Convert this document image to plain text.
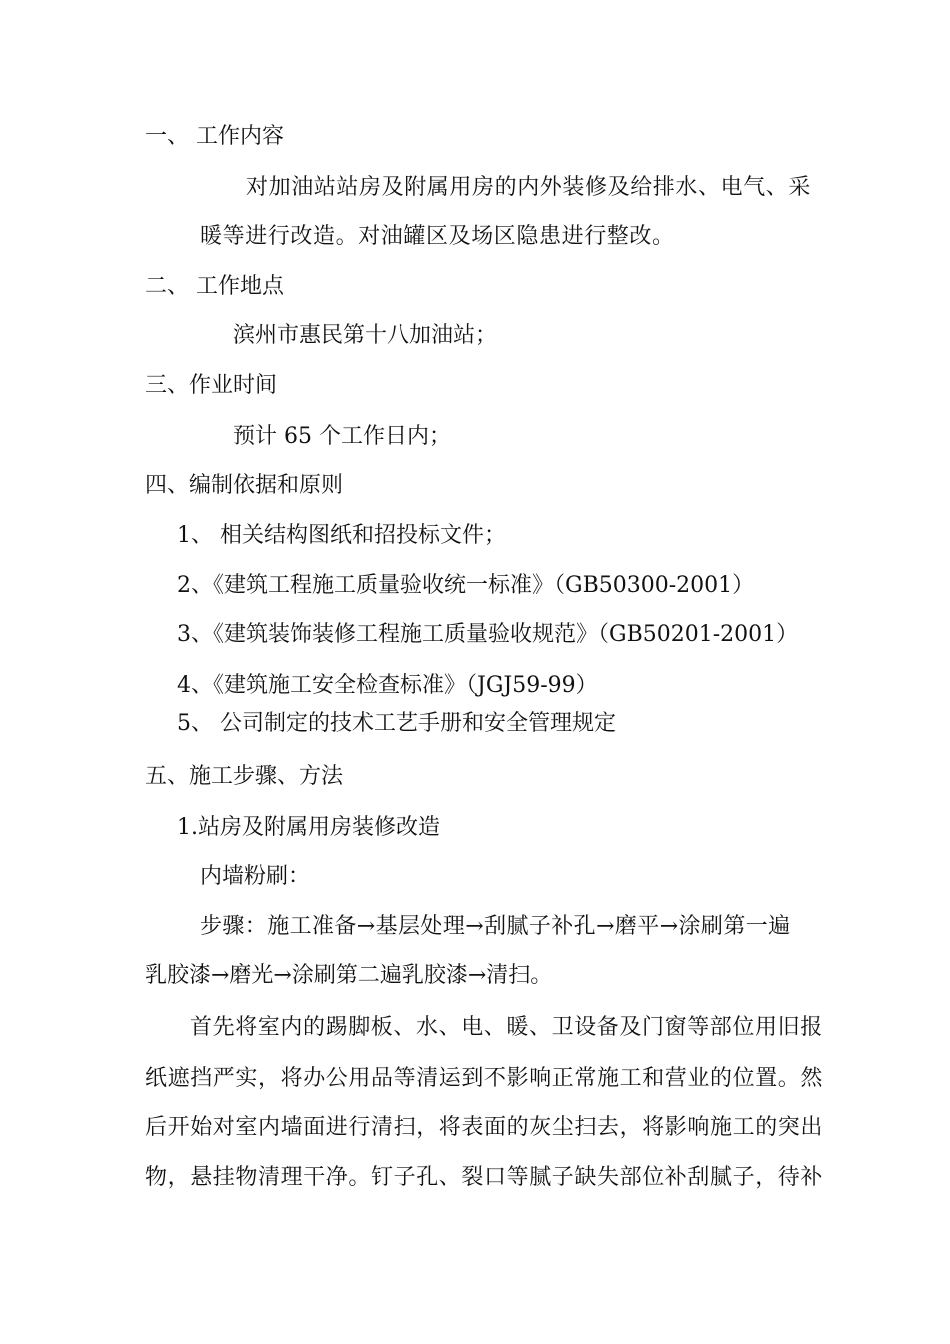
一、 工作内容

对加油站站房及附属用房的内外装修及给排水、电气、采

暖等进行改造。对油罐区及场区隐患进行整改。

二、 工作地点

滨州市惠民第十八加油站；

三、作业时间

预计 65 个工作日内；

四、编制依据和原则

1、 相关结构图纸和招投标文件；

2、《建筑工程施工质量验收统一标准》（GB50300-2001）

3、《建筑装饰装修工程施工质量验收规范》（GB50201-2001）

4、《建筑施工安全检查标准》（JGJ59-99）

5、 公司制定的技术工艺手册和安全管理规定

五、施工步骤、方法

1.站房及附属用房装修改造

内墙粉刷：

步骤：施工准备→基层处理→刮腻子补孔→磨平→涂刷第一遍

乳胶漆→磨光→涂刷第二遍乳胶漆→清扫。

首先将室内的踢脚板、水、电、暖、卫设备及门窗等部位用旧报

纸遮挡严实，将办公用品等清运到不影响正常施工和营业的位置。然

后开始对室内墙面进行清扫，将表面的灰尘扫去，将影响施工的突出

物，悬挂物清理干净。钉子孔、裂口等腻子缺失部位补刮腻子，待补
